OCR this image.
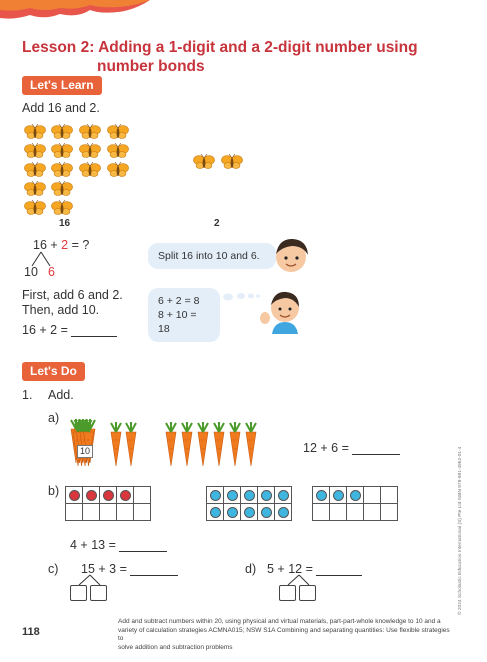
Lesson 2: Adding a 1-digit and a 2-digit number using
number bonds
Let's Learn
Add 16 and 2.
16	2
16 + 2 = ?
10 6
Split 16 into 10 and 6.
First, add 6 and 2.
Then, add 10.
16 + 2 =
6 + 2 = 8
8 + 10 = 18
Let's Do
1. Add.
a)
10	12 + 6 =
b)
4 + 13 =
c) 15 + 3 =	d) 5 + 12 =
118
Add and subtract numbers within 20, using physical and virtual materials, part-part-whole knowledge to 10 and a
variety of calculation strategies ACMNA015; NSW S1A Combining and separating quantities: Use flexible strategies to
solve addition and subtraction problems
© 2024 Scholastic Education International (S) Pte Ltd ISBN 978-981-4962-01-4
